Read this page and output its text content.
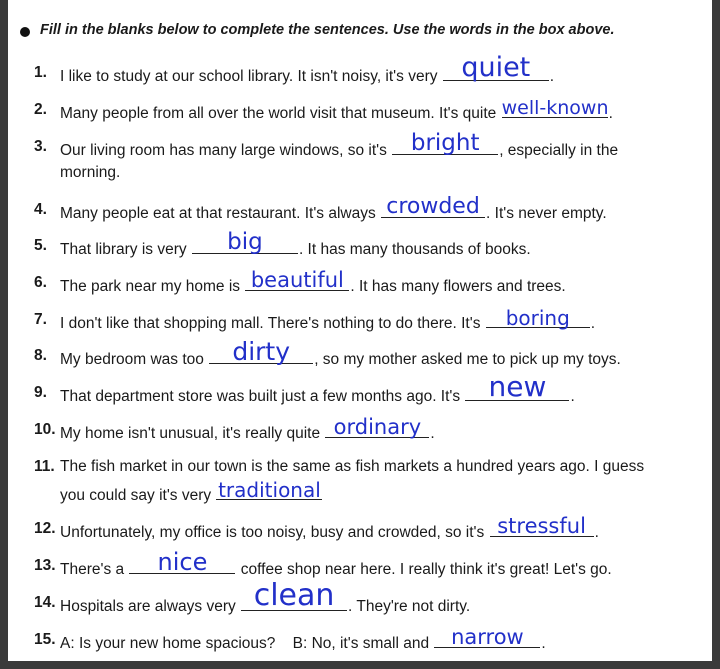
Fill in the blanks below to complete the sentences. Use the words in the box above.
1. I like to study at our school library. It isn't noisy, it's very quiet	.
2. Many people from all over the world visit that museum. It's quite well-known .
3. Our living room has many large windows, so it's	bright	, especially in the
morning.
4. Many people eat at that restaurant. It's always crowded . It's never empty.
5. That library is very	big	. It has many thousands of books.
6. The park near my home is beautiful . It has many flowers and trees.
7. I don't like that shopping mall. There's nothing to do there. It's	boring	.
8. My bedroom was too	dirty	, so my mother asked me to pick up my toys.
9. That department store was built just a few months ago. It's	new	.
10. My home isn't unusual, it's really quite ordinary .
11. The fish market in our town is the same as fish markets a hundred years ago. I guess
you could say it's very traditional
12. Unfortunately, my office is too noisy, busy and crowded, so it's stressful .
13. There's a	nice	coffee shop near here. I really think it's great! Let's go.
14. Hospitals are always very clean . They're not dirty.
15. A: Is your new home spacious?    B: No, it's small and	narrow	.
